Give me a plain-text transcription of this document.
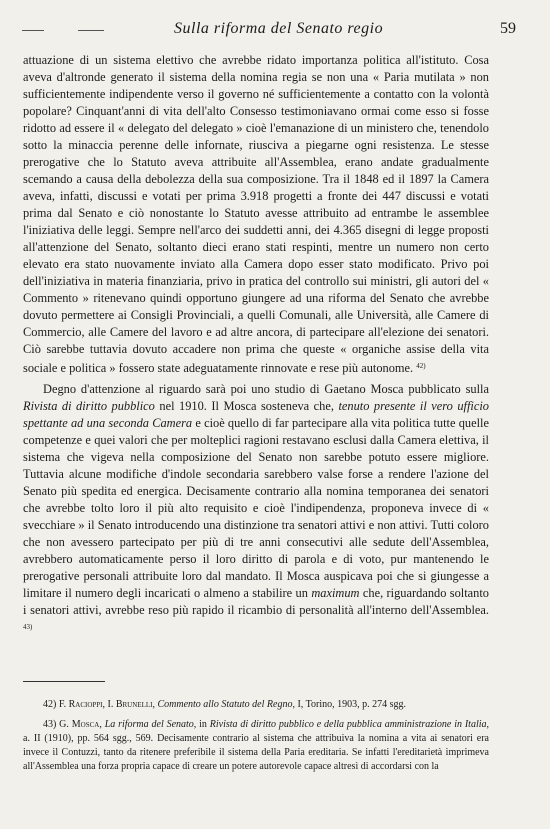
Sulla riforma del Senato regio	59

attuazione di un sistema elettivo che avrebbe ridato importanza politica all'istituto. Cosa aveva d'altronde generato il sistema della nomina regia se non una « Paria mutilata » non sufficientemente indipendente verso il governo né sufficientemente a contatto con la volontà popolare? Cinquant'anni di vita dell'alto Consesso testimoniavano ormai come esso si fosse ridotto ad essere il « delegato del delegato » cioè l'emanazione di un ministero che, tenendolo sotto la minaccia perenne delle infornate, riusciva a piegarne ogni resistenza. Le stesse prerogative che lo Statuto aveva attribuite all'Assemblea, erano andate gradualmente scemando a causa della debolezza della sua composizione. Tra il 1848 ed il 1897 la Camera aveva, infatti, discussi e votati per prima 3.918 progetti a fronte dei 447 discussi e votati prima dal Senato e ciò nonostante lo Statuto avesse attribuito ad entrambe le assemblee l'iniziativa delle leggi. Sempre nell'arco dei suddetti anni, dei 4.365 disegni di legge proposti all'attenzione del Senato, soltanto dieci erano stati respinti, mentre un numero non certo elevato era stato nuovamente inviato alla Camera dopo esser stato modificato. Privo poi dell'iniziativa in materia finanziaria, privo in pratica del controllo sui ministri, gli autori del « Commento » ritenevano quindi opportuno giungere ad una riforma del Senato che avrebbe dovuto permettere ai Consigli Provinciali, a quelli Comunali, alle Università, alle Camere di Commercio, alle Camere del lavoro e ad altre ancora, di partecipare all'elezione dei senatori. Ciò sarebbe tuttavia dovuto accadere non prima che queste « organiche assise della vita sociale e politica » fossero state adeguatamente rinnovate e rese più autonome. $^{42)}$

Degno d'attenzione al riguardo sarà poi uno studio di Gaetano Mosca pubblicato sulla Rivista di diritto pubblico nel 1910. Il Mosca sosteneva che, tenuto presente il vero ufficio spettante ad una seconda Camera e cioè quello di far partecipare alla vita politica tutte quelle competenze e quei valori che per molteplici ragioni restavano esclusi dalla Camera elettiva, il sistema che vigeva nella composizione del Senato non sarebbe potuto essere migliore. Tuttavia alcune modifiche d'indole secondaria sarebbero valse forse a rendere l'azione del Senato più spedita ed energica. Decisamente contrario alla nomina temporanea dei senatori che avrebbe tolto loro il più alto requisito e cioè l'indipendenza, proponeva invece di « svecchiare » il Senato introducendo una distinzione tra senatori attivi e non attivi. Tutti coloro che non avessero partecipato per più di tre anni consecutivi alle sedute dell'Assemblea, avrebbero automaticamente perso il loro diritto di parola e di voto, pur mantenendo le prerogative personali attribuite loro dal mandato. Il Mosca auspicava poi che si giungesse a limitare il numero degli incaricati o almeno a stabilire un maximum che, riguardando soltanto i senatori attivi, avrebbe reso più rapido il ricambio di personalità all'interno dell'Assemblea. $^{43)}$

42) F. Racioppi, I. Brunelli, Commento allo Statuto del Regno, I, Torino, 1903, p. 274 sgg.

43) G. Mosca, La riforma del Senato, in Rivista di diritto pubblico e della pubblica amministrazione in Italia, a. II (1910), pp. 564 sgg., 569. Decisamente contrario al sistema che attribuiva la nomina a vita ai senatori era invece il Contuzzi, tanto da ritenere preferibile il sistema della Paria ereditaria. Se infatti l'ereditarietà imprimeva all'Assemblea una forza propria capace di creare un potere autorevole capace altresì di accordarsi con la
